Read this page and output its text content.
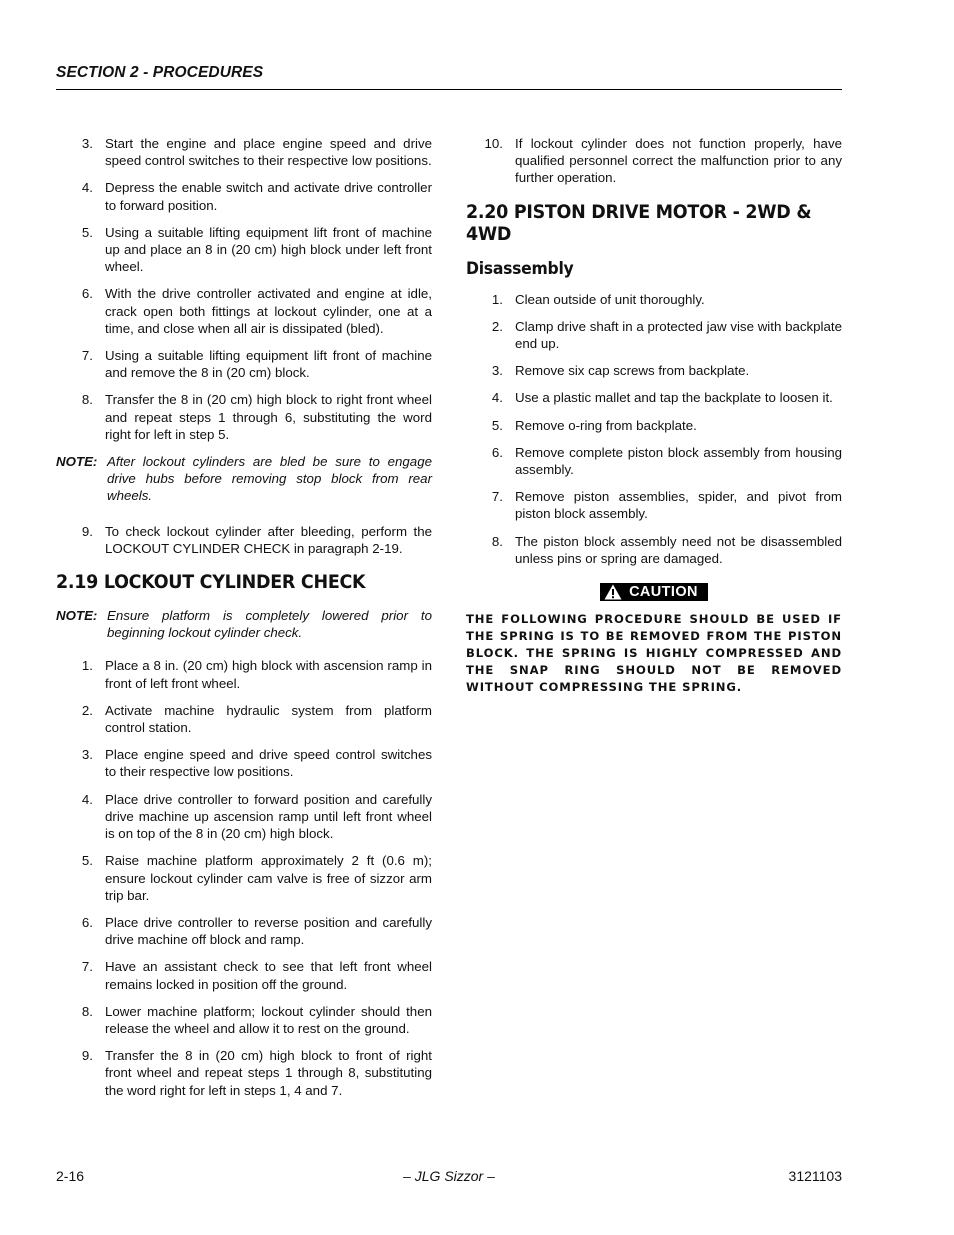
SECTION 2 - PROCEDURES
3. Start the engine and place engine speed and drive speed control switches to their respective low positions.
4. Depress the enable switch and activate drive controller to forward position.
5. Using a suitable lifting equipment lift front of machine up and place an 8 in (20 cm) high block under left front wheel.
6. With the drive controller activated and engine at idle, crack open both fittings at lockout cylinder, one at a time, and close when all air is dissipated (bled).
7. Using a suitable lifting equipment lift front of machine and remove the 8 in (20 cm) block.
8. Transfer the 8 in (20 cm) high block to right front wheel and repeat steps 1 through 6, substituting the word right for left in step 5.
NOTE: After lockout cylinders are bled be sure to engage drive hubs before removing stop block from rear wheels.
9. To check lockout cylinder after bleeding, perform the LOCKOUT CYLINDER CHECK in paragraph 2-19.
2.19 LOCKOUT CYLINDER CHECK
NOTE: Ensure platform is completely lowered prior to beginning lockout cylinder check.
1. Place a 8 in. (20 cm) high block with ascension ramp in front of left front wheel.
2. Activate machine hydraulic system from platform control station.
3. Place engine speed and drive speed control switches to their respective low positions.
4. Place drive controller to forward position and carefully drive machine up ascension ramp until left front wheel is on top of the 8 in (20 cm) high block.
5. Raise machine platform approximately 2 ft (0.6 m); ensure lockout cylinder cam valve is free of sizzor arm trip bar.
6. Place drive controller to reverse position and carefully drive machine off block and ramp.
7. Have an assistant check to see that left front wheel remains locked in position off the ground.
8. Lower machine platform; lockout cylinder should then release the wheel and allow it to rest on the ground.
9. Transfer the 8 in (20 cm) high block to front of right front wheel and repeat steps 1 through 8, substituting the word right for left in steps 1, 4 and 7.
10. If lockout cylinder does not function properly, have qualified personnel correct the malfunction prior to any further operation.
2.20 PISTON DRIVE MOTOR - 2WD & 4WD
Disassembly
1. Clean outside of unit thoroughly.
2. Clamp drive shaft in a protected jaw vise with backplate end up.
3. Remove six cap screws from backplate.
4. Use a plastic mallet and tap the backplate to loosen it.
5. Remove o-ring from backplate.
6. Remove complete piston block assembly from housing assembly.
7. Remove piston assemblies, spider, and pivot from piston block assembly.
8. The piston block assembly need not be disassembled unless pins or spring are damaged.
CAUTION
THE FOLLOWING PROCEDURE SHOULD BE USED IF THE SPRING IS TO BE REMOVED FROM THE PISTON BLOCK. THE SPRING IS HIGHLY COMPRESSED AND THE SNAP RING SHOULD NOT BE REMOVED WITHOUT COMPRESSING THE SPRING.
2-16	– JLG Sizzor –	3121103
